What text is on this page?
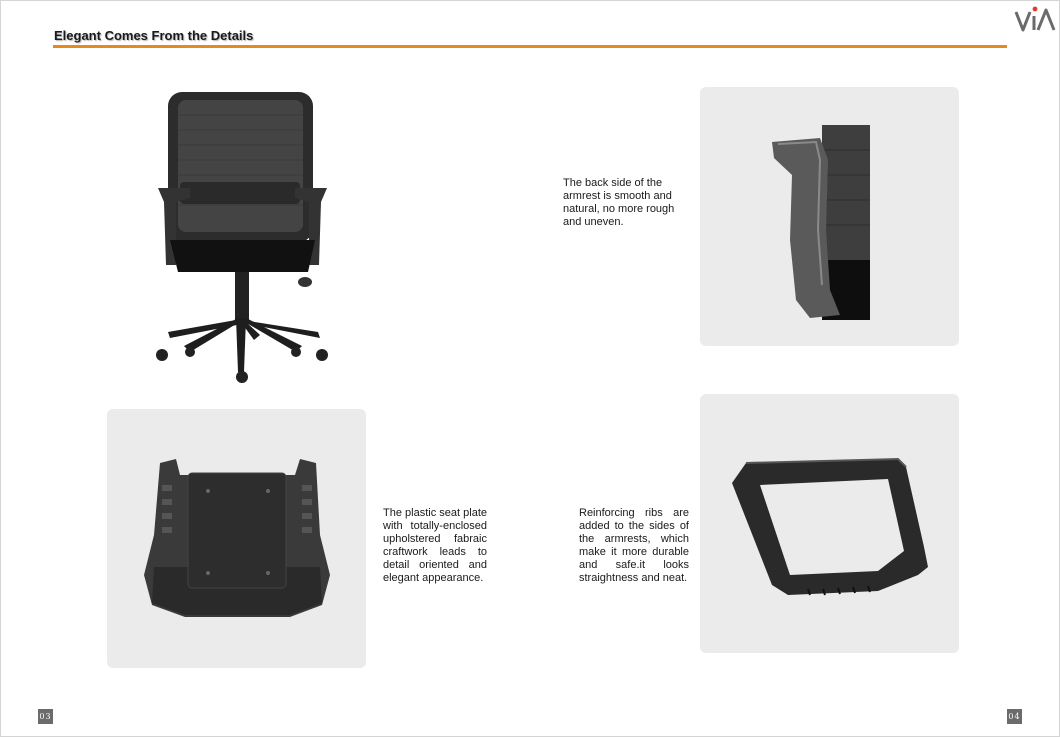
Elegant Comes From the Details
The back side of the armrest is smooth and natural, no more rough and uneven.
The plastic seat plate with totally-enclosed upholstered fabraic craftwork leads to detail oriented and elegant appearance.
Reinforcing ribs are added to the sides of the armrests, which make it more durable and safe.it looks straightness and neat.
03	04
